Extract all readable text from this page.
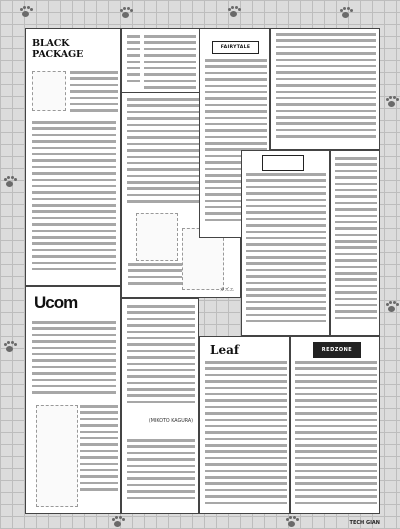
BLACK PACKAGE
Ucom
カズエ
(MIKOTO KAGURA)
FAIRYTALE
Leaf	REDZONE
TECH GIAN
